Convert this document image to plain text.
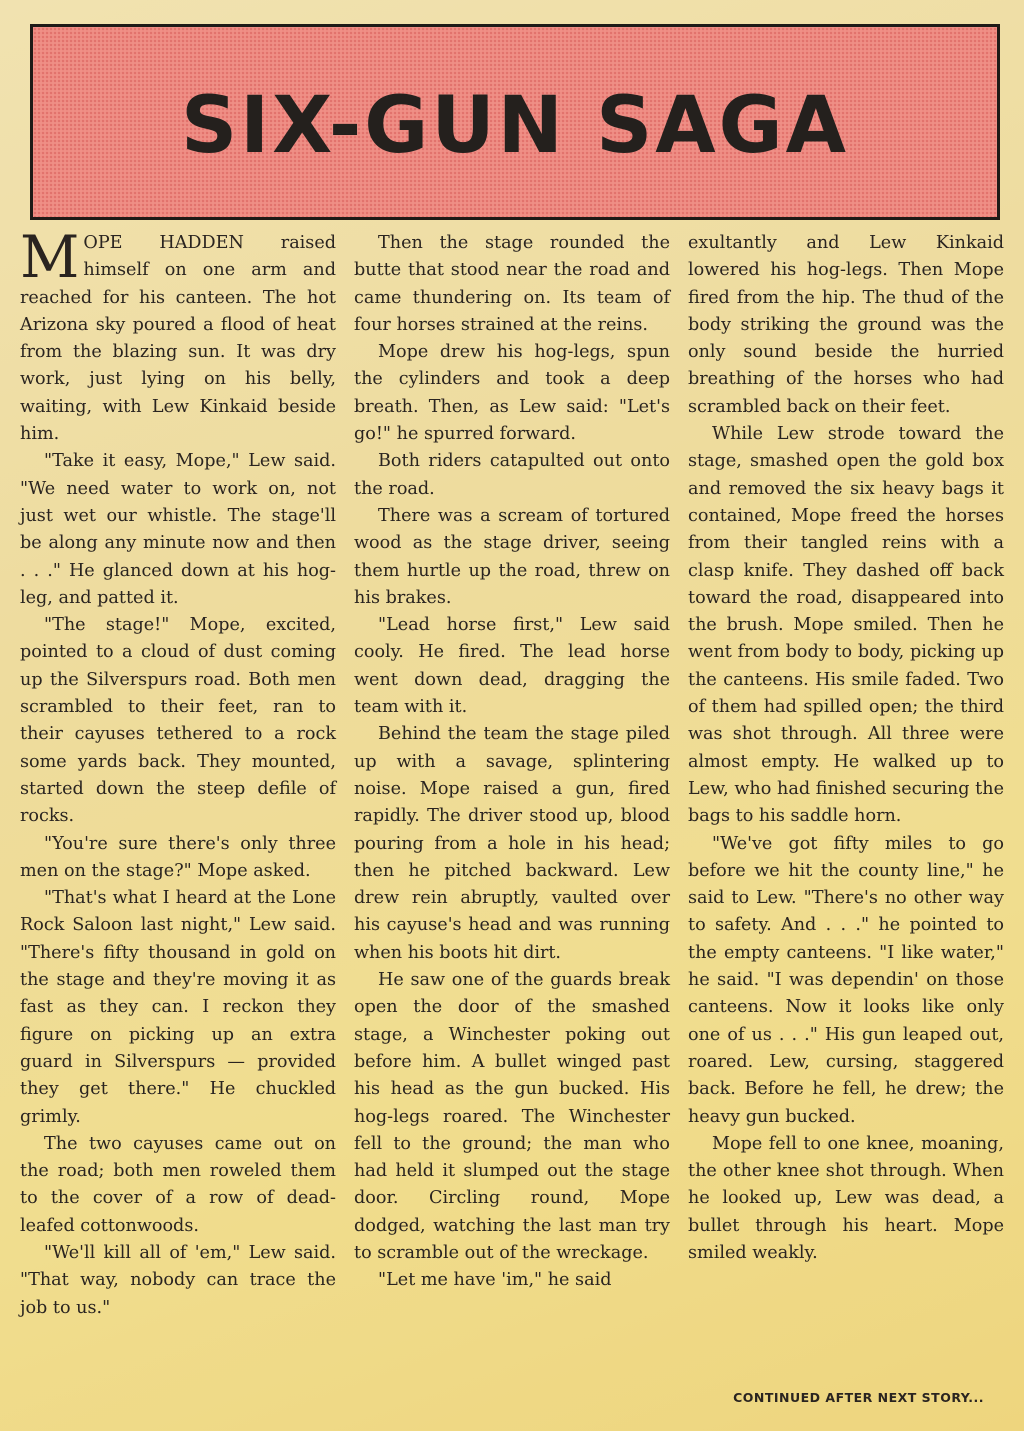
SIX-GUN SAGA

MOPE HADDEN raised himself on one arm and reached for his canteen. The hot Arizona sky poured a flood of heat from the blazing sun. It was dry work, just lying on his belly, waiting, with Lew Kinkaid beside him.

"Take it easy, Mope," Lew said. "We need water to work on, not just wet our whistle. The stage'll be along any minute now and then . . ." He glanced down at his hog-leg, and patted it.

"The stage!" Mope, excited, pointed to a cloud of dust coming up the Silverspurs road. Both men scrambled to their feet, ran to their cayuses tethered to a rock some yards back. They mounted, started down the steep defile of rocks.

"You're sure there's only three men on the stage?" Mope asked.

"That's what I heard at the Lone Rock Saloon last night," Lew said. "There's fifty thousand in gold on the stage and they're moving it as fast as they can. I reckon they figure on picking up an extra guard in Silverspurs — provided they get there." He chuckled grimly.

The two cayuses came out on the road; both men roweled them to the cover of a row of dead-leafed cottonwoods.

"We'll kill all of 'em," Lew said. "That way, nobody can trace the job to us."

Then the stage rounded the butte that stood near the road and came thundering on. Its team of four horses strained at the reins.

Mope drew his hog-legs, spun the cylinders and took a deep breath. Then, as Lew said: "Let's go!" he spurred forward.

Both riders catapulted out onto the road.

There was a scream of tortured wood as the stage driver, seeing them hurtle up the road, threw on his brakes.

"Lead horse first," Lew said cooly. He fired. The lead horse went down dead, dragging the team with it.

Behind the team the stage piled up with a savage, splintering noise. Mope raised a gun, fired rapidly. The driver stood up, blood pouring from a hole in his head; then he pitched backward. Lew drew rein abruptly, vaulted over his cayuse's head and was running when his boots hit dirt.

He saw one of the guards break open the door of the smashed stage, a Winchester poking out before him. A bullet winged past his head as the gun bucked. His hog-legs roared. The Winchester fell to the ground; the man who had held it slumped out the stage door. Circling round, Mope dodged, watching the last man try to scramble out of the wreckage.

"Let me have 'im," he said

exultantly and Lew Kinkaid lowered his hog-legs. Then Mope fired from the hip. The thud of the body striking the ground was the only sound beside the hurried breathing of the horses who had scrambled back on their feet.

While Lew strode toward the stage, smashed open the gold box and removed the six heavy bags it contained, Mope freed the horses from their tangled reins with a clasp knife. They dashed off back toward the road, disappeared into the brush. Mope smiled. Then he went from body to body, picking up the canteens. His smile faded. Two of them had spilled open; the third was shot through. All three were almost empty. He walked up to Lew, who had finished securing the bags to his saddle horn.

"We've got fifty miles to go before we hit the county line," he said to Lew. "There's no other way to safety. And . . ." he pointed to the empty canteens. "I like water," he said. "I was dependin' on those canteens. Now it looks like only one of us . . ." His gun leaped out, roared. Lew, cursing, staggered back. Before he fell, he drew; the heavy gun bucked.

Mope fell to one knee, moaning, the other knee shot through. When he looked up, Lew was dead, a bullet through his heart. Mope smiled weakly.

CONTINUED AFTER NEXT STORY...
